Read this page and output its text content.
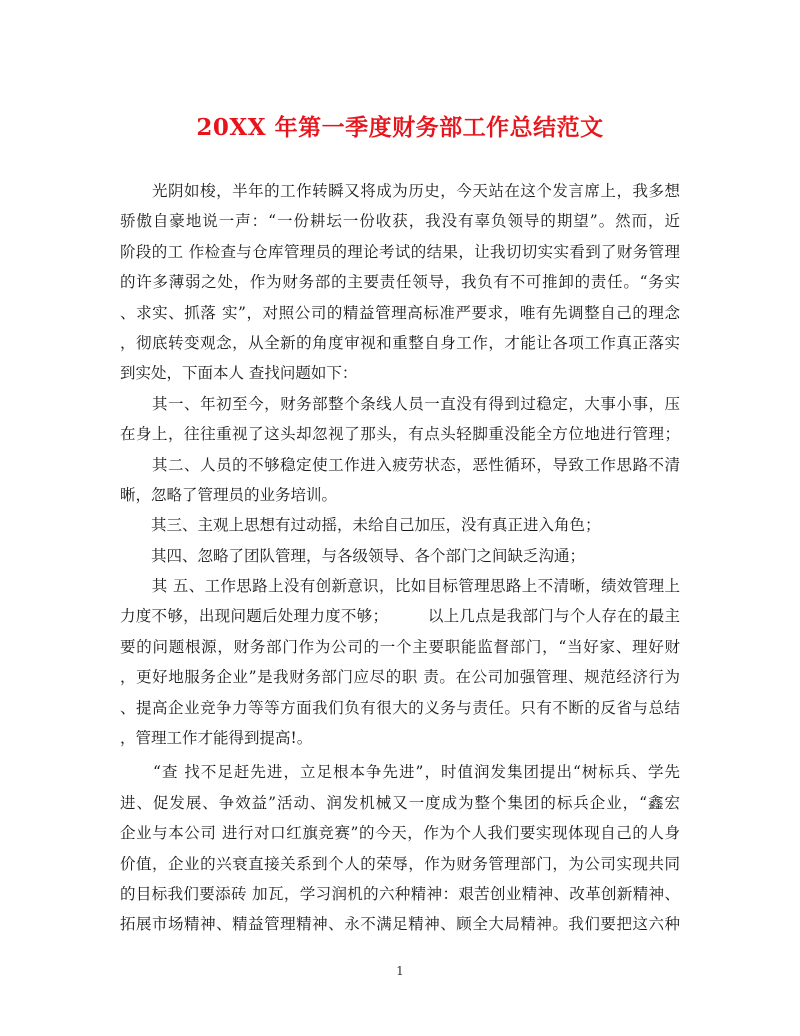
20XX 年第一季度财务部工作总结范文
　　光阴如梭，半年的工作转瞬又将成为历史，今天站在这个发言席上，我多想
骄傲自豪地说一声：“一份耕坛一份收获，我没有辜负领导的期望”。然而，近
阶段的工 作检查与仓库管理员的理论考试的结果，让我切切实实看到了财务管理
的许多薄弱之处，作为财务部的主要责任领导，我负有不可推卸的责任。“务实
、求实、抓落 实”，对照公司的精益管理高标准严要求，唯有先调整自己的理念
，彻底转变观念，从全新的角度审视和重整自身工作，才能让各项工作真正落实
到实处，下面本人 查找问题如下：
　　其一、年初至今，财务部整个条线人员一直没有得到过稳定，大事小事，压
在身上，往往重视了这头却忽视了那头，有点头轻脚重没能全方位地进行管理；
　　其二、人员的不够稳定使工作进入疲劳状态，恶性循环，导致工作思路不清
晰，忽略了管理员的业务培训。
　　其三、主观上思想有过动摇，未给自己加压，没有真正进入角色；
　　其四、忽略了团队管理，与各级领导、各个部门之间缺乏沟通；
　　其 五、工作思路上没有创新意识，比如目标管理思路上不清晰，绩效管理上
力度不够，出现问题后处理力度不够；　　　以上几点是我部门与个人存在的最主
要的问题根源，财务部门作为公司的一个主要职能监督部门，“当好家、理好财
，更好地服务企业”是我财务部门应尽的职 责。在公司加强管理、规范经济行为
、提高企业竞争力等等方面我们负有很大的义务与责任。只有不断的反省与总结
，管理工作才能得到提高!。
　　“查 找不足赶先进，立足根本争先进”，时值润发集团提出“树标兵、学先
进、促发展、争效益”活动、润发机械又一度成为整个集团的标兵企业，“鑫宏
企业与本公司 进行对口红旗竞赛”的今天，作为个人我们要实现体现自己的人身
价值，企业的兴衰直接关系到个人的荣辱，作为财务管理部门，为公司实现共同
的目标我们要添砖 加瓦，学习润机的六种精神：艰苦创业精神、改革创新精神、
拓展市场精神、精益管理精神、永不满足精神、顾全大局精神。我们要把这六种
1
